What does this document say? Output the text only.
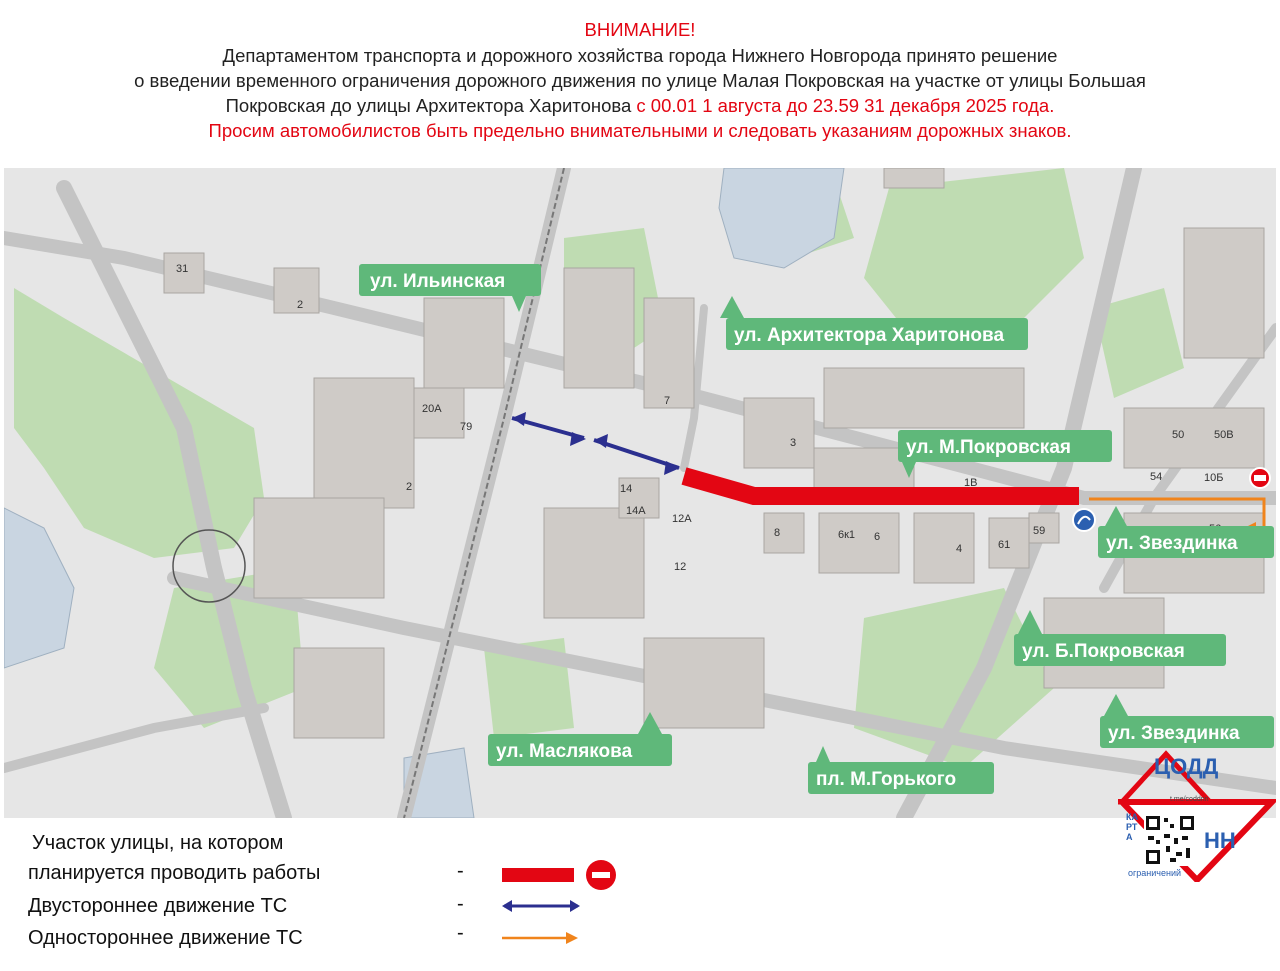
ВНИМАНИЕ!
Департаментом транспорта и дорожного хозяйства города Нижнего Новгорода принято решение
о введении временного ограничения дорожного движения по улице Малая Покровская на участке от улицы Большая
Покровская до улицы Архитектора Харитонова с 00.01 1 августа до 23.59 31 декабря 2025 года.
Просим автомобилистов быть предельно внимательными и следовать указаниям дорожных знаков.
31
2
20А
79
2
7
3
14
14А
12А
12
8	6к1 6
4	61
59
1В	54
50	50В
10Б
ул. Ильинская
ул. Архитектора Харитонова
ул. М.Покровская
ул. Звездинка
ул. Б.Покровская
ул. Звездинка
ул. Маслякова
пл. М.Горького
Участок улицы, на котором
планируется проводить работы	-
Двустороннее движение ТС	-
Одностороннее движение ТС	-
ЦОДД
t.me/coddnn
КАРТА	НН
ограничений
